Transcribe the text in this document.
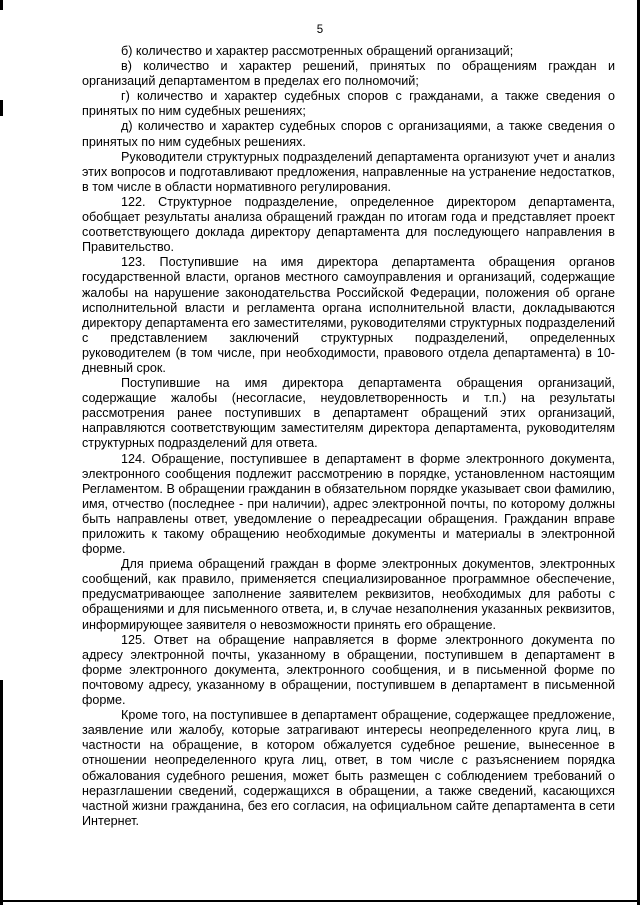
5

б) количество и характер рассмотренных обращений организаций;

в) количество и характер решений, принятых по обращениям граждан и организаций департаментом в пределах его полномочий;

г) количество и характер судебных споров с гражданами, а также сведения о принятых по ним судебных решениях;

д) количество и характер судебных споров с организациями, а также сведения о принятых по ним судебных решениях.

Руководители структурных подразделений департамента организуют учет и анализ этих вопросов и подготавливают предложения, направленные на устранение недостатков, в том числе в области нормативного регулирования.

122. Структурное подразделение, определенное директором департамента, обобщает результаты анализа обращений граждан по итогам года и представляет проект соответствующего доклада директору департамента для последующего направления в Правительство.

123. Поступившие на имя директора департамента обращения органов государственной власти, органов местного самоуправления и организаций, содержащие жалобы на нарушение законодательства Российской Федерации, положения об органе исполнительной власти и регламента органа исполнительной власти, докладываются директору департамента его заместителями, руководителями структурных подразделений с представлением заключений структурных подразделений, определенных руководителем (в том числе, при необходимости, правового отдела департамента) в 10-дневный срок.

Поступившие на имя директора департамента обращения организаций, содержащие жалобы (несогласие, неудовлетворенность и т.п.) на результаты рассмотрения ранее поступивших в департамент обращений этих организаций, направляются соответствующим заместителям директора департамента, руководителям структурных подразделений для ответа.

124. Обращение, поступившее в департамент в форме электронного документа, электронного сообщения подлежит рассмотрению в порядке, установленном настоящим Регламентом. В обращении гражданин в обязательном порядке указывает свои фамилию, имя, отчество (последнее - при наличии), адрес электронной почты, по которому должны быть направлены ответ, уведомление о переадресации обращения. Гражданин вправе приложить к такому обращению необходимые документы и материалы в электронной форме.

Для приема обращений граждан в форме электронных документов, электронных сообщений, как правило, применяется специализированное программное обеспечение, предусматривающее заполнение заявителем реквизитов, необходимых для работы с обращениями и для письменного ответа, и, в случае незаполнения указанных реквизитов, информирующее заявителя о невозможности принять его обращение.

125. Ответ на обращение направляется в форме электронного документа по адресу электронной почты, указанному в обращении, поступившем в департамент в форме электронного документа, электронного сообщения, и в письменной форме по почтовому адресу, указанному в обращении, поступившем в департамент в письменной форме.

Кроме того, на поступившее в департамент обращение, содержащее предложение, заявление или жалобу, которые затрагивают интересы неопределенного круга лиц, в частности на обращение, в котором обжалуется судебное решение, вынесенное в отношении неопределенного круга лиц, ответ, в том числе с разъяснением порядка обжалования судебного решения, может быть размещен с соблюдением требований о неразглашении сведений, содержащихся в обращении, а также сведений, касающихся частной жизни гражданина, без его согласия, на официальном сайте департамента в сети Интернет.
